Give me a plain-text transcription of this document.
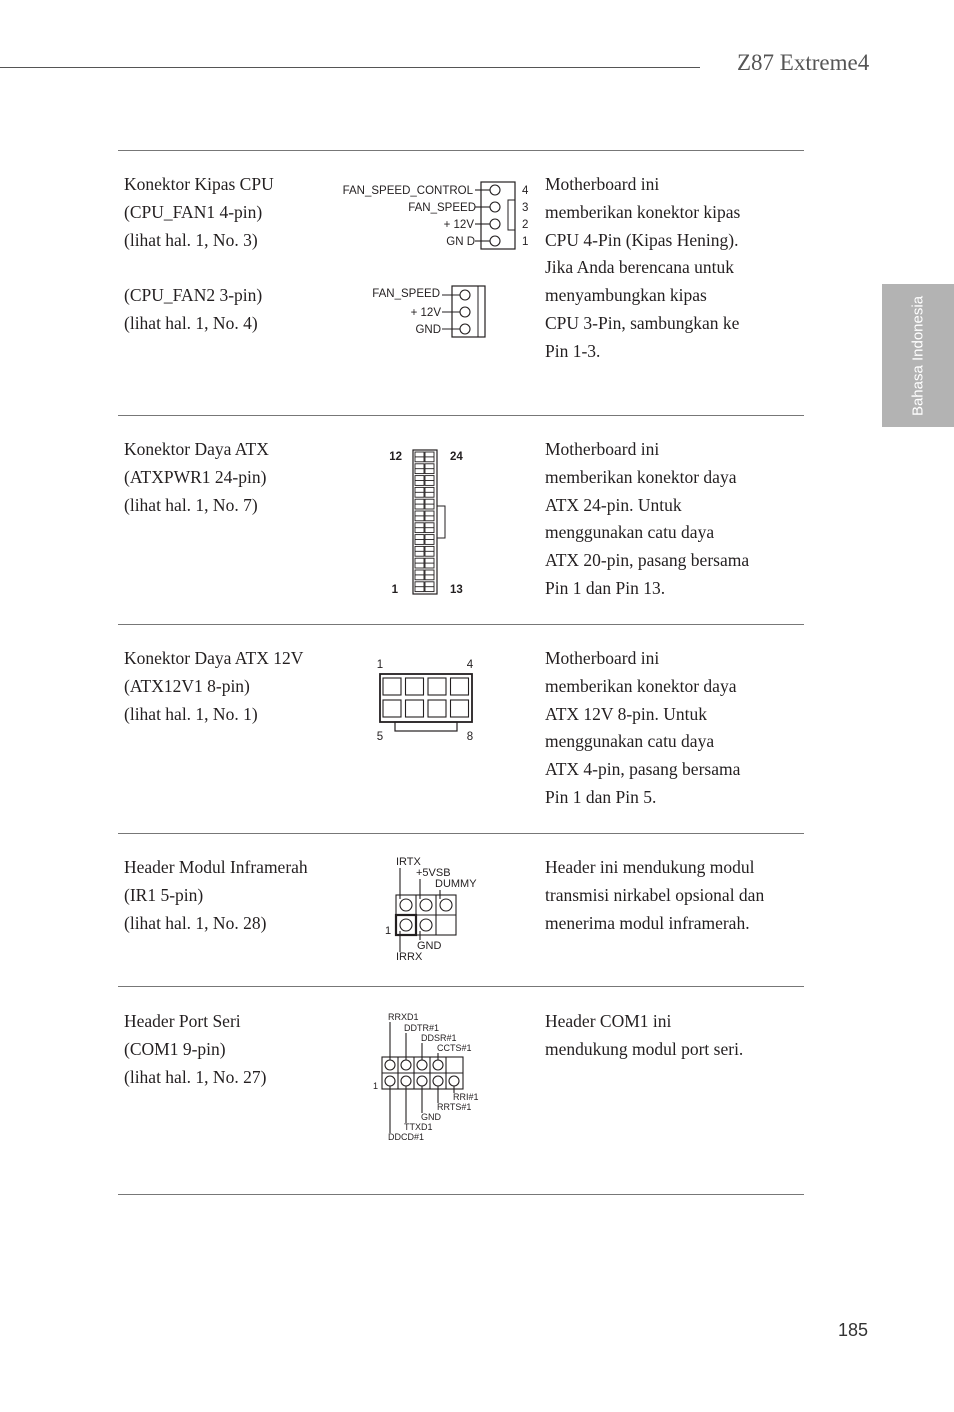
Z87 Extreme4
Bahasa Indonesia
Konektor Kipas CPU
(CPU_FAN1 4-pin)
(lihat hal. 1, No. 3)
(CPU_FAN2 3-pin)
(lihat hal. 1, No. 4)
Motherboard ini memberikan konektor kipas CPU 4-Pin (Kipas Hening). Jika Anda berencana untuk menyambungkan kipas CPU 3-Pin, sambungkan ke Pin 1-3.
FAN_SPEED_CONTROL
FAN_SPEED
+ 12V
GN D
4
3
2
1
FAN_SPEED
+ 12V
GND
Konektor Daya ATX
(ATXPWR1 24-pin)
(lihat hal. 1, No. 7)
Motherboard ini memberikan konektor daya ATX 24-pin. Untuk menggunakan catu daya ATX 20-pin, pasang bersama Pin 1 dan Pin 13.
12	24
1	13
Konektor Daya ATX 12V
(ATX12V1 8-pin)
(lihat hal. 1, No. 1)
Motherboard ini memberikan konektor daya ATX 12V 8-pin. Untuk menggunakan catu daya ATX 4-pin, pasang bersama Pin 1 dan Pin 5.
1	4
5	8
Header Modul Inframerah
(IR1 5-pin)
(lihat hal. 1, No. 28)
Header ini mendukung modul transmisi nirkabel opsional dan menerima modul inframerah.
IRTX
+5VSB
DUMMY
1
GND
IRRX
Header Port Seri
(COM1 9-pin)
(lihat hal. 1, No. 27)
Header COM1 ini mendukung modul port seri.
RRXD1
DDTR#1
DDSR#1
CCTS#1
1
RRI#1
RRTS#1
GND
TTXD1
DDCD#1
185
